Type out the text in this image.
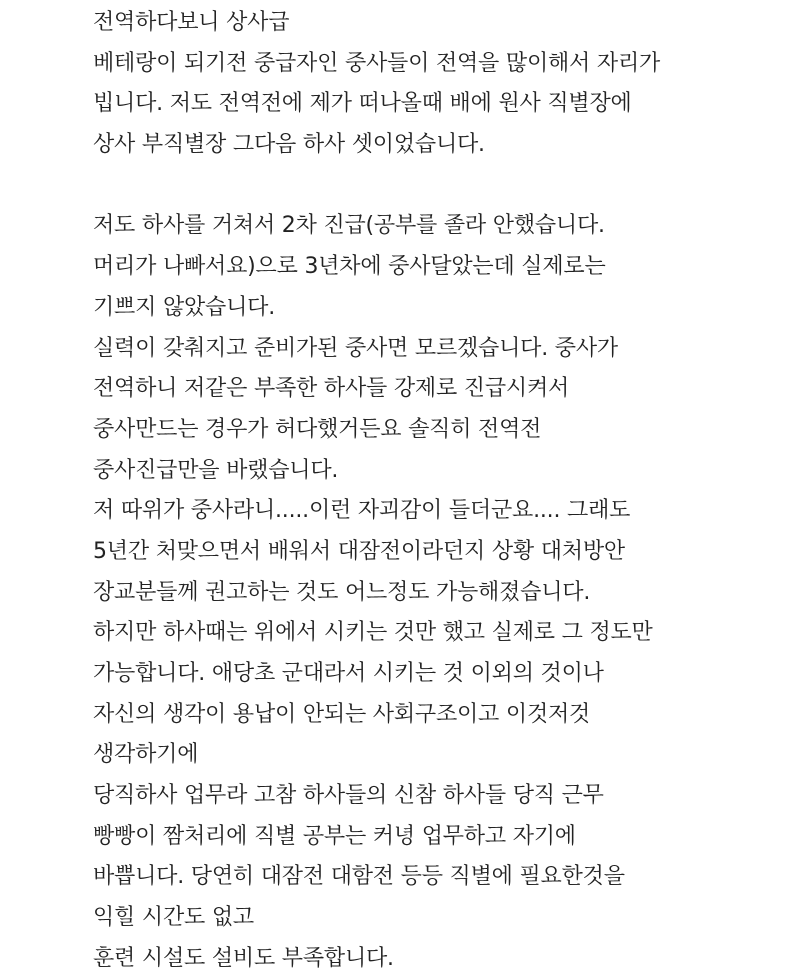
전역하다보니 상사급
베테랑이 되기전 중급자인 중사들이 전역을 많이해서 자리가
빕니다. 저도 전역전에 제가 떠나올때 배에 원사 직별장에
상사 부직별장 그다음 하사 셋이었습니다.
저도 하사를 거쳐서 2차 진급(공부를 졸라 안했습니다.
머리가 나빠서요)으로 3년차에 중사달았는데 실제로는
기쁘지 않았습니다.
실력이 갖춰지고 준비가된 중사면 모르겠습니다. 중사가
전역하니 저같은 부족한 하사들 강제로 진급시켜서
중사만드는 경우가 허다했거든요 솔직히 전역전
중사진급만을 바랬습니다.
저 따위가 중사라니.....이런 자괴감이 들더군요.... 그래도
5년간 처맞으면서 배워서 대잠전이라던지 상황 대처방안
장교분들께 권고하는 것도 어느정도 가능해졌습니다.
하지만 하사때는 위에서 시키는 것만 했고 실제로 그 정도만
가능합니다. 애당초 군대라서 시키는 것 이외의 것이나
자신의 생각이 용납이 안되는 사회구조이고 이것저것
생각하기에
당직하사 업무라 고참 하사들의 신참 하사들 당직 근무
빵빵이 짬처리에 직별 공부는 커녕 업무하고 자기에
바쁩니다. 당연히 대잠전 대함전 등등 직별에 필요한것을
익힐 시간도 없고
훈련 시설도 설비도 부족합니다.
